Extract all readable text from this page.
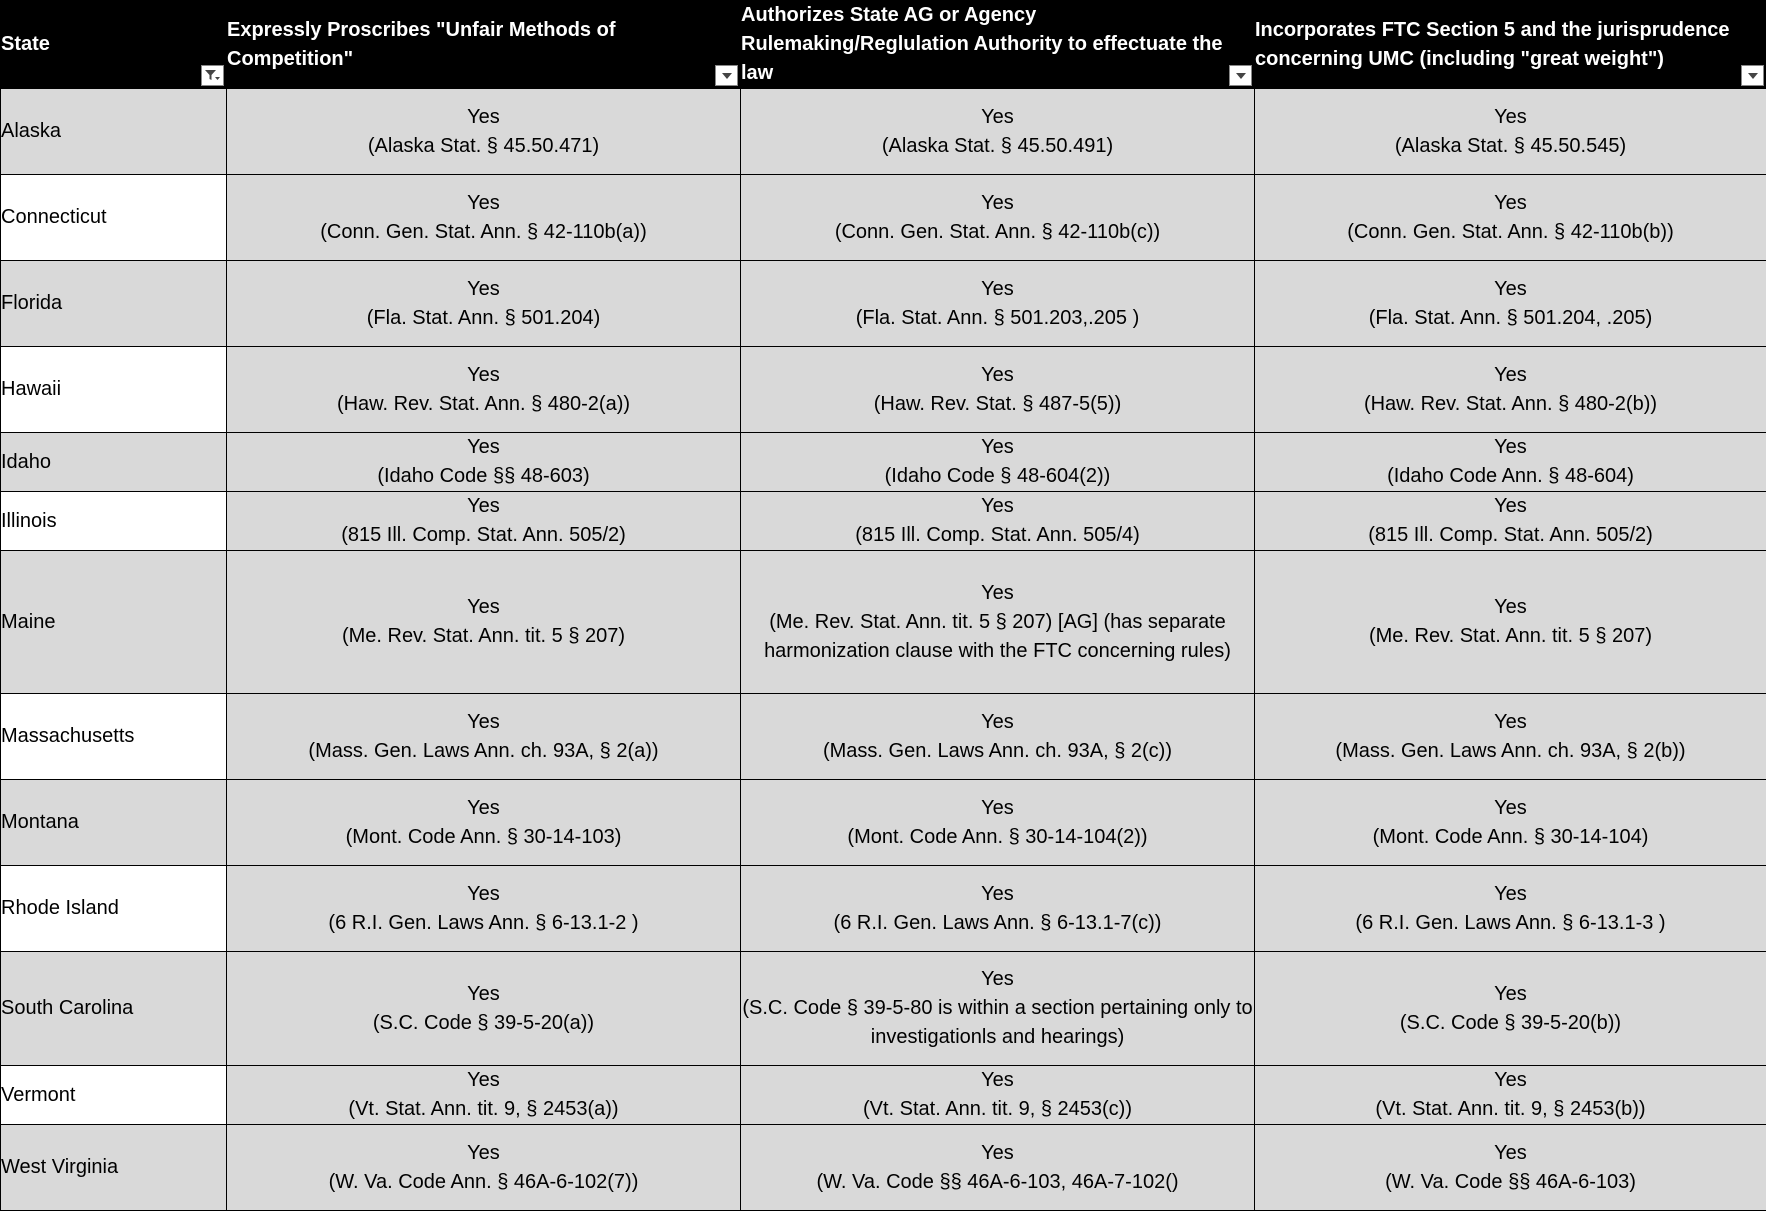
State	Expressly Proscribes "Unfair Methods of Competition"	Authorizes State AG or Agency Rulemaking/Reglulation Authority to effectuate the law	Incorporates FTC Section 5 and the jurisprudence concerning UMC (including "great weight")

Alaska	Yes
(Alaska Stat. § 45.50.471)	Yes
(Alaska Stat. § 45.50.491)	Yes
(Alaska Stat. § 45.50.545)

Connecticut	Yes
(Conn. Gen. Stat. Ann. § 42-110b(a))	Yes
(Conn. Gen. Stat. Ann. § 42-110b(c))	Yes
(Conn. Gen. Stat. Ann. § 42-110b(b))

Florida	Yes
(Fla. Stat. Ann. § 501.204)	Yes
(Fla. Stat. Ann. § 501.203,.205 )	Yes
(Fla. Stat. Ann. § 501.204, .205)

Hawaii	Yes
(Haw. Rev. Stat. Ann. § 480-2(a))	Yes
(Haw. Rev. Stat. § 487-5(5))	Yes
(Haw. Rev. Stat. Ann. § 480-2(b))

Idaho	Yes
(Idaho Code §§ 48-603)	Yes
(Idaho Code § 48-604(2))	Yes
(Idaho Code Ann. § 48-604)

Illinois	Yes
(815 Ill. Comp. Stat. Ann. 505/2)	Yes
(815 Ill. Comp. Stat. Ann. 505/4)	Yes
(815 Ill. Comp. Stat. Ann. 505/2)

Maine	Yes
(Me. Rev. Stat. Ann. tit. 5 § 207)	Yes
(Me. Rev. Stat. Ann. tit. 5 § 207) [AG] (has separate
harmonization clause with the FTC concerning rules)	Yes
(Me. Rev. Stat. Ann. tit. 5 § 207)

Massachusetts	Yes
(Mass. Gen. Laws Ann. ch. 93A, § 2(a))	Yes
(Mass. Gen. Laws Ann. ch. 93A, § 2(c))	Yes
(Mass. Gen. Laws Ann. ch. 93A, § 2(b))

Montana	Yes
(Mont. Code Ann. § 30-14-103)	Yes
(Mont. Code Ann. § 30-14-104(2))	Yes
(Mont. Code Ann. § 30-14-104)

Rhode Island	Yes
(6 R.I. Gen. Laws Ann. § 6-13.1-2 )	Yes
(6 R.I. Gen. Laws Ann. § 6-13.1-7(c))	Yes
(6 R.I. Gen. Laws Ann. § 6-13.1-3 )

South Carolina	Yes
(S.C. Code § 39-5-20(a))	Yes
(S.C. Code § 39-5-80 is within a section pertaining only to
investigationls and hearings)	Yes
(S.C. Code § 39-5-20(b))

Vermont	Yes
(Vt. Stat. Ann. tit. 9, § 2453(a))	Yes
(Vt. Stat. Ann. tit. 9, § 2453(c))	Yes
(Vt. Stat. Ann. tit. 9, § 2453(b))

West Virginia	Yes
(W. Va. Code Ann. § 46A-6-102(7))	Yes
(W. Va. Code §§ 46A-6-103, 46A-7-102()	Yes
(W. Va. Code §§ 46A-6-103)
